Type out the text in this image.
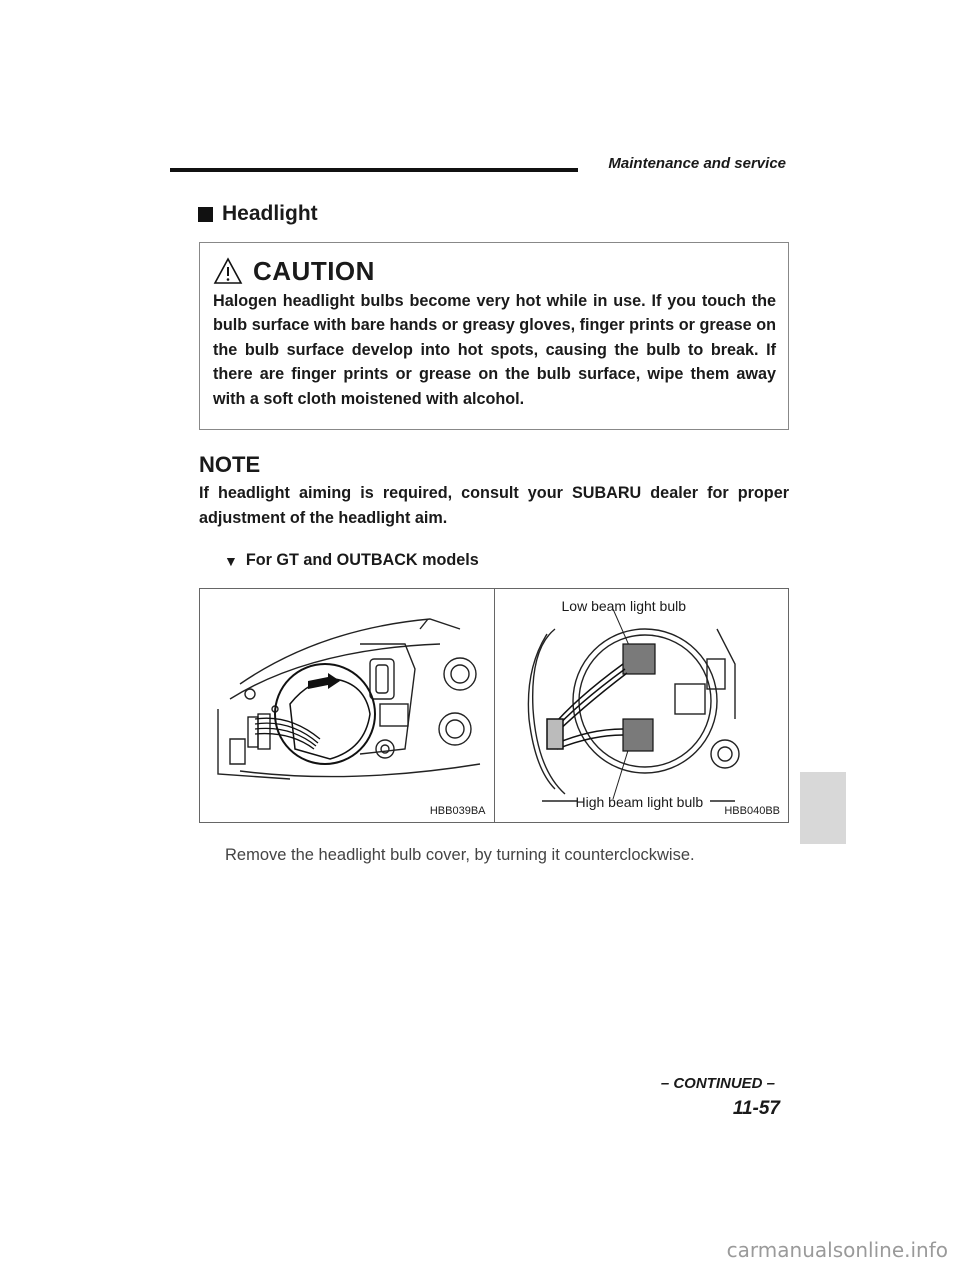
Maintenance and service
Headlight
CAUTION
Halogen headlight bulbs become very hot while in use. If you touch the bulb surface with bare hands or greasy gloves, finger prints or grease on the bulb surface develop into hot spots, causing the bulb to break. If there are finger prints or grease on the bulb surface, wipe them away with a soft cloth moistened with alcohol.
NOTE
If headlight aiming is required, consult your SUBARU dealer for proper adjustment of the headlight aim.
▼ For GT and OUTBACK models
HBB039BA
Low beam light bulb
High beam light bulb
HBB040BB
Remove the headlight bulb cover, by turning it counterclockwise.
– CONTINUED –
11-57
carmanualsonline.info
